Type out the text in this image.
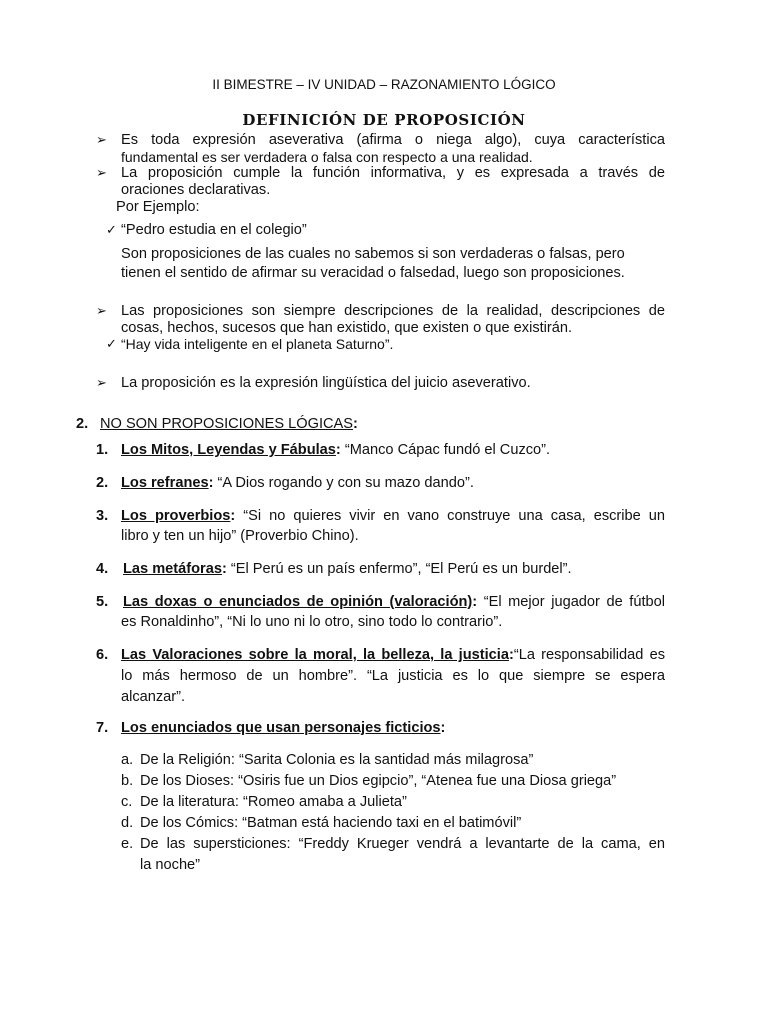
II BIMESTRE – IV UNIDAD – RAZONAMIENTO LÓGICO
DEFINICIÓN DE PROPOSICIÓN
➢ Es toda expresión aseverativa (afirma o niega algo), cuya característica
fundamental es ser verdadera o falsa con respecto a una realidad.
➢ La proposición cumple la función informativa, y es expresada a través de
oraciones declarativas.
Por Ejemplo:
✓ “Pedro estudia en el colegio”
Son proposiciones de las cuales no sabemos si son verdaderas o falsas, pero
tienen el sentido de afirmar su veracidad o falsedad, luego son proposiciones.
➢ Las proposiciones son siempre descripciones de la realidad, descripciones de
cosas, hechos, sucesos que han existido, que existen o que existirán.
✓ “Hay vida inteligente en el planeta Saturno”.
➢ La proposición es la expresión lingüística del juicio aseverativo.
2. NO SON PROPOSICIONES LÓGICAS:
1. Los Mitos, Leyendas y Fábulas: “Manco Cápac fundó el Cuzco”.
2. Los refranes: “A Dios rogando y con su mazo dando”.
3. Los proverbios: “Si no quieres vivir en vano construye una casa, escribe un
libro y ten un hijo” (Proverbio Chino).
4. Las metáforas: “El Perú es un país enfermo”, “El Perú es un burdel”.
5. Las doxas o enunciados de opinión (valoración): “El mejor jugador de fútbol
es Ronaldinho”, “Ni lo uno ni lo otro, sino todo lo contrario”.
6. Las Valoraciones sobre la moral, la belleza, la justicia:“La responsabilidad es
lo más hermoso de un hombre”. “La justicia es lo que siempre se espera
alcanzar”.
7. Los enunciados que usan personajes ficticios:
a. De la Religión: “Sarita Colonia es la santidad más milagrosa”
b. De los Dioses: “Osiris fue un Dios egipcio”, “Atenea fue una Diosa griega”
c. De la literatura: “Romeo amaba a Julieta”
d. De los Cómics: “Batman está haciendo taxi en el batimóvil”
e. De las supersticiones: “Freddy Krueger vendrá a levantarte de la cama, en
la noche”
